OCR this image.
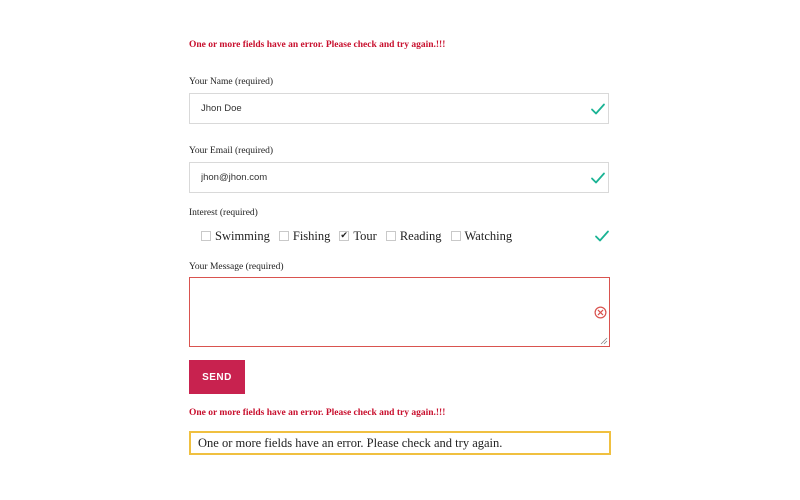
One or more fields have an error. Please check and try again.!!!
Your Name (required)
Jhon Doe
Your Email (required)
jhon@jhon.com
Interest (required)
Swimming Fishing ✔ Tour Reading Watching
Your Message (required)
SEND
One or more fields have an error. Please check and try again.!!!
One or more fields have an error. Please check and try again.
